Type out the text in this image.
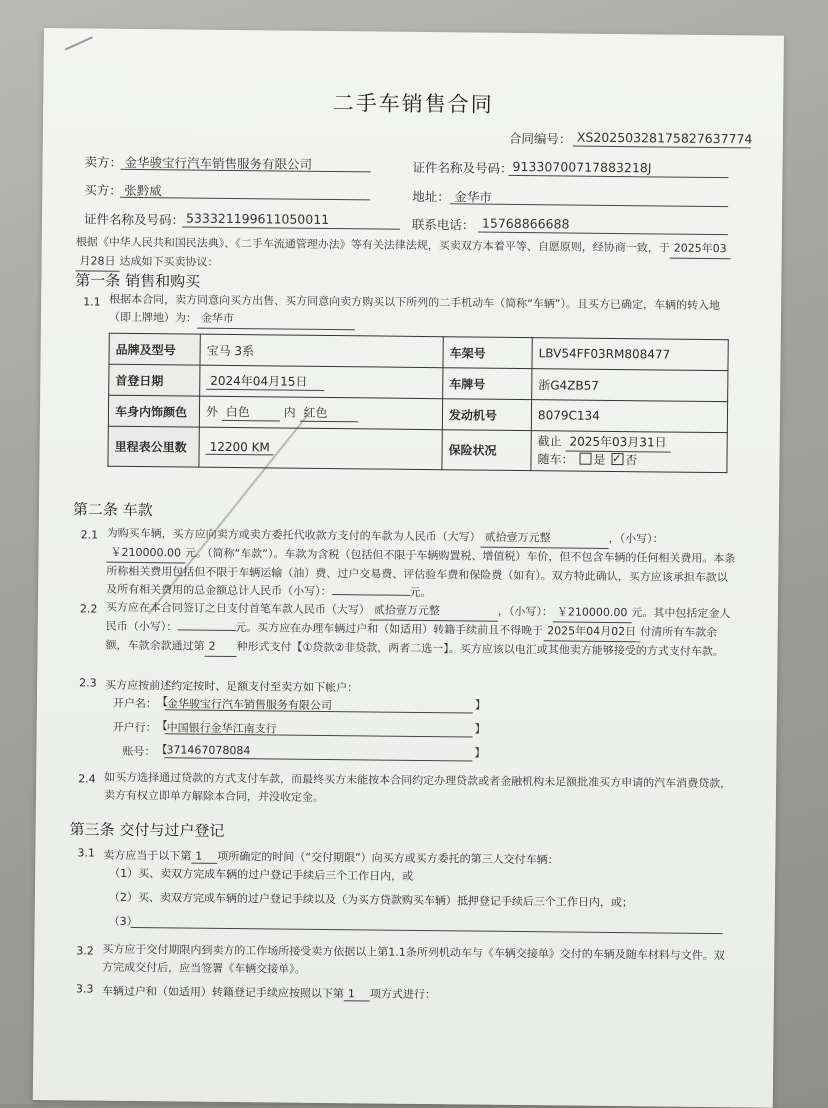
二手车销售合同
合同编号： XS20250328175827637774
卖方： 金华骏宝行汽车销售服务有限公司	证件名称及号码： 91330700717883218J
买方： 张黔威	地址： 金华市
证件名称及号码： 533321199611050011	联系电话： 15768866688
根据《中华人民共和国民法典》、《二手车流通管理办法》等有关法律法规，买卖双方本着平等、自愿原则，经协商一致，于 2025年03
月28日 达成如下买卖协议：
第一条 销售和购买
1.1 根据本合同，卖方同意向买方出售、买方同意向卖方购买以下所列的二手机动车（简称“车辆”）。且买方已确定，车辆的转入地
（即上牌地）为： 金华市
品牌及型号	宝马 3系	车架号	LBV54FF03RM808477
首登日期	2024年04月15日	车牌号	浙G4ZB57
车身内饰颜色	外 白色 内 红色	发动机号	8079C134
里程表公里数	12200 KM	保险状况	截止 2025年03月31日
随车： 是 ✓ 否
第二条 车款
2.1 为购买车辆，买方应向卖方或卖方委托代收款方支付的车款为人民币（大写） 贰拾壹万元整	，（小写）：￥210000.00 元。（简称“车款”）。车款为含税（包括但不限于车辆购置税、增值税）车价，但不包含车辆的任何相关费用。本条所称相关费用包括但不限于车辆运输（油）费、过户交易费、评估验车费和保险费（如有）。双方特此确认，买方应该承担车款以及所有相关费用的总金额总计人民币（小写）：	元。
2.2 买方应在本合同签订之日支付首笔车款人民币（大写） 贰拾壹万元整	，（小写）： ￥210000.00 元。其中包括定金人民币（小写）：	元。买方应在办理车辆过户和（如适用）转籍手续前且不得晚于 2025年04月02日 付清所有车款余额，车款余款通过第 2 种形式支付【①贷款②非贷款，两者二选一】。买方应该以电汇或其他卖方能够接受的方式支付车款。
2.3 买方应按前述约定按时、足额支付至卖方如下帐户：
开户名： 【
金华骏宝行汽车销售服务有限公司	】
开户行： 【
中国银行金华江南支行	】
账号： 【
371467078084	】
2.4 如买方选择通过贷款的方式支付车款，而最终买方未能按本合同约定办理贷款或者金融机构未足额批准买方申请的汽车消费贷款，卖方有权立即单方解除本合同，并没收定金。
第三条 交付与过户登记
3.1 卖方应当于以下第 1 项所确定的时间（“交付期限”）向买方或买方委托的第三人交付车辆：
（1）买、卖双方完成车辆的过户登记手续后三个工作日内，或
（2）买、卖双方完成车辆的过户登记手续以及（为买方贷款购买车辆）抵押登记手续后三个工作日内，或；
（3）
3.2 买方应于交付期限内到卖方的工作场所接受卖方依据以上第1.1条所列机动车与《车辆交接单》交付的车辆及随车材料与文件。双方完成交付后，应当签署《车辆交接单》。
3.3 车辆过户和（如适用）转籍登记手续应按照以下第 1 项方式进行：
